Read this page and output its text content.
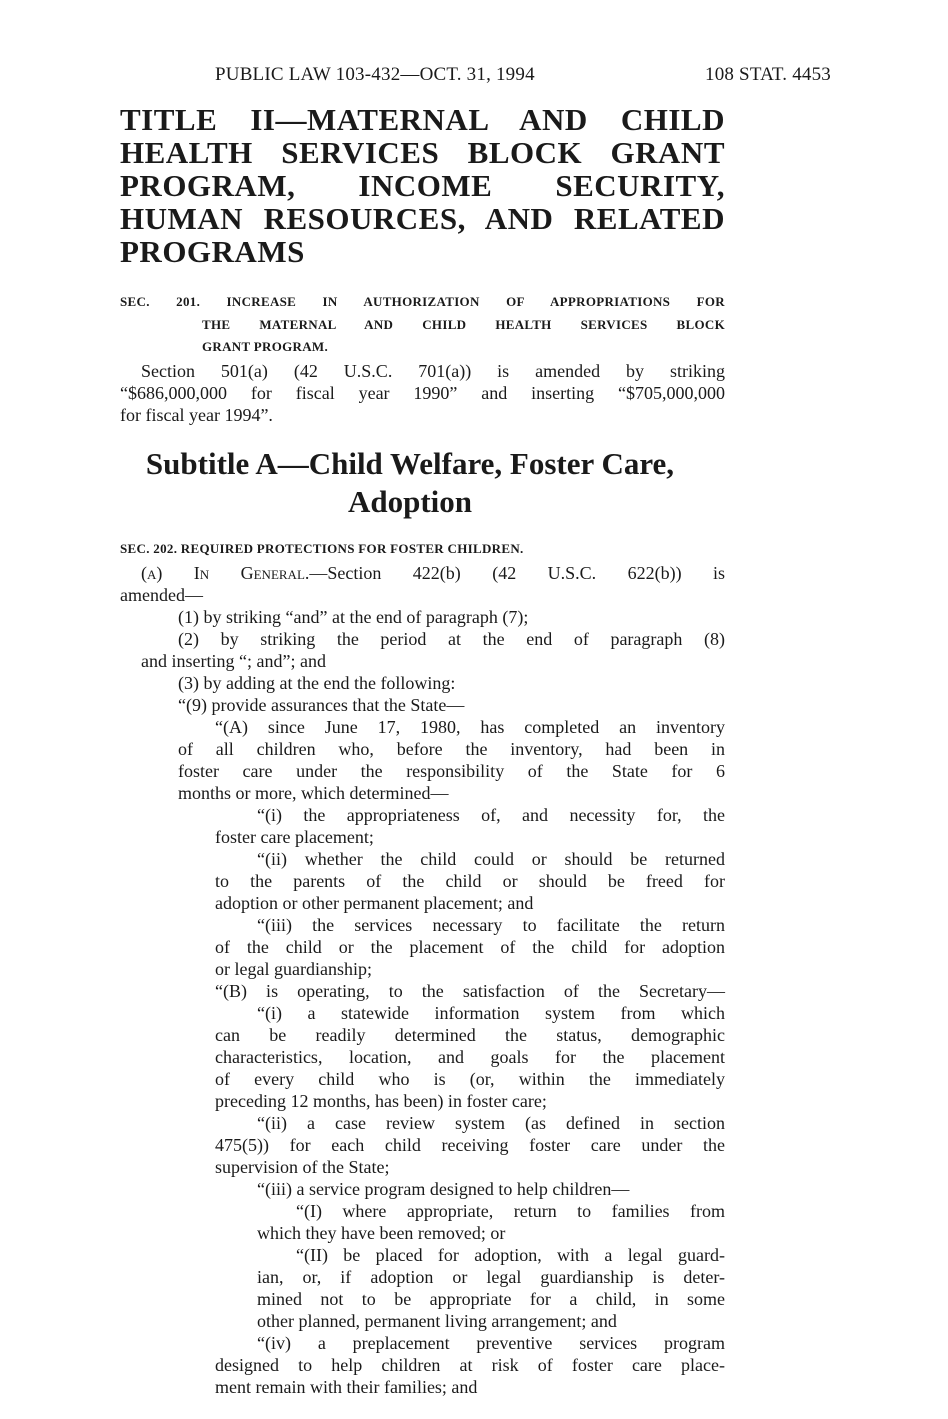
PUBLIC LAW 103-432—OCT. 31, 1994	108 STAT. 4453
TITLE II—MATERNAL AND CHILD
HEALTH SERVICES BLOCK GRANT
PROGRAM, INCOME SECURITY,
HUMAN RESOURCES, AND RELATED
PROGRAMS
SEC. 201. INCREASE IN AUTHORIZATION OF APPROPRIATIONS FOR
THE MATERNAL AND CHILD HEALTH SERVICES BLOCK
GRANT PROGRAM.
Section 501(a) (42 U.S.C. 701(a)) is amended by striking
“$686,000,000 for fiscal year 1990” and inserting “$705,000,000
for fiscal year 1994”.
Subtitle A—Child Welfare, Foster Care,
Adoption
SEC. 202. REQUIRED PROTECTIONS FOR FOSTER CHILDREN.
(a) In General.—Section 422(b) (42 U.S.C. 622(b)) is
amended—
(1) by striking “and” at the end of paragraph (7);
(2) by striking the period at the end of paragraph (8)
and inserting “; and”; and
(3) by adding at the end the following:
“(9) provide assurances that the State—
“(A) since June 17, 1980, has completed an inventory
of all children who, before the inventory, had been in
foster care under the responsibility of the State for 6
months or more, which determined—
“(i) the appropriateness of, and necessity for, the
foster care placement;
“(ii) whether the child could or should be returned
to the parents of the child or should be freed for
adoption or other permanent placement; and
“(iii) the services necessary to facilitate the return
of the child or the placement of the child for adoption
or legal guardianship;
“(B) is operating, to the satisfaction of the Secretary—
“(i) a statewide information system from which
can be readily determined the status, demographic
characteristics, location, and goals for the placement
of every child who is (or, within the immediately
preceding 12 months, has been) in foster care;
“(ii) a case review system (as defined in section
475(5)) for each child receiving foster care under the
supervision of the State;
“(iii) a service program designed to help children—
“(I) where appropriate, return to families from
which they have been removed; or
“(II) be placed for adoption, with a legal guard-
ian, or, if adoption or legal guardianship is deter-
mined not to be appropriate for a child, in some
other planned, permanent living arrangement; and
“(iv) a preplacement preventive services program
designed to help children at risk of foster care place-
ment remain with their families; and
